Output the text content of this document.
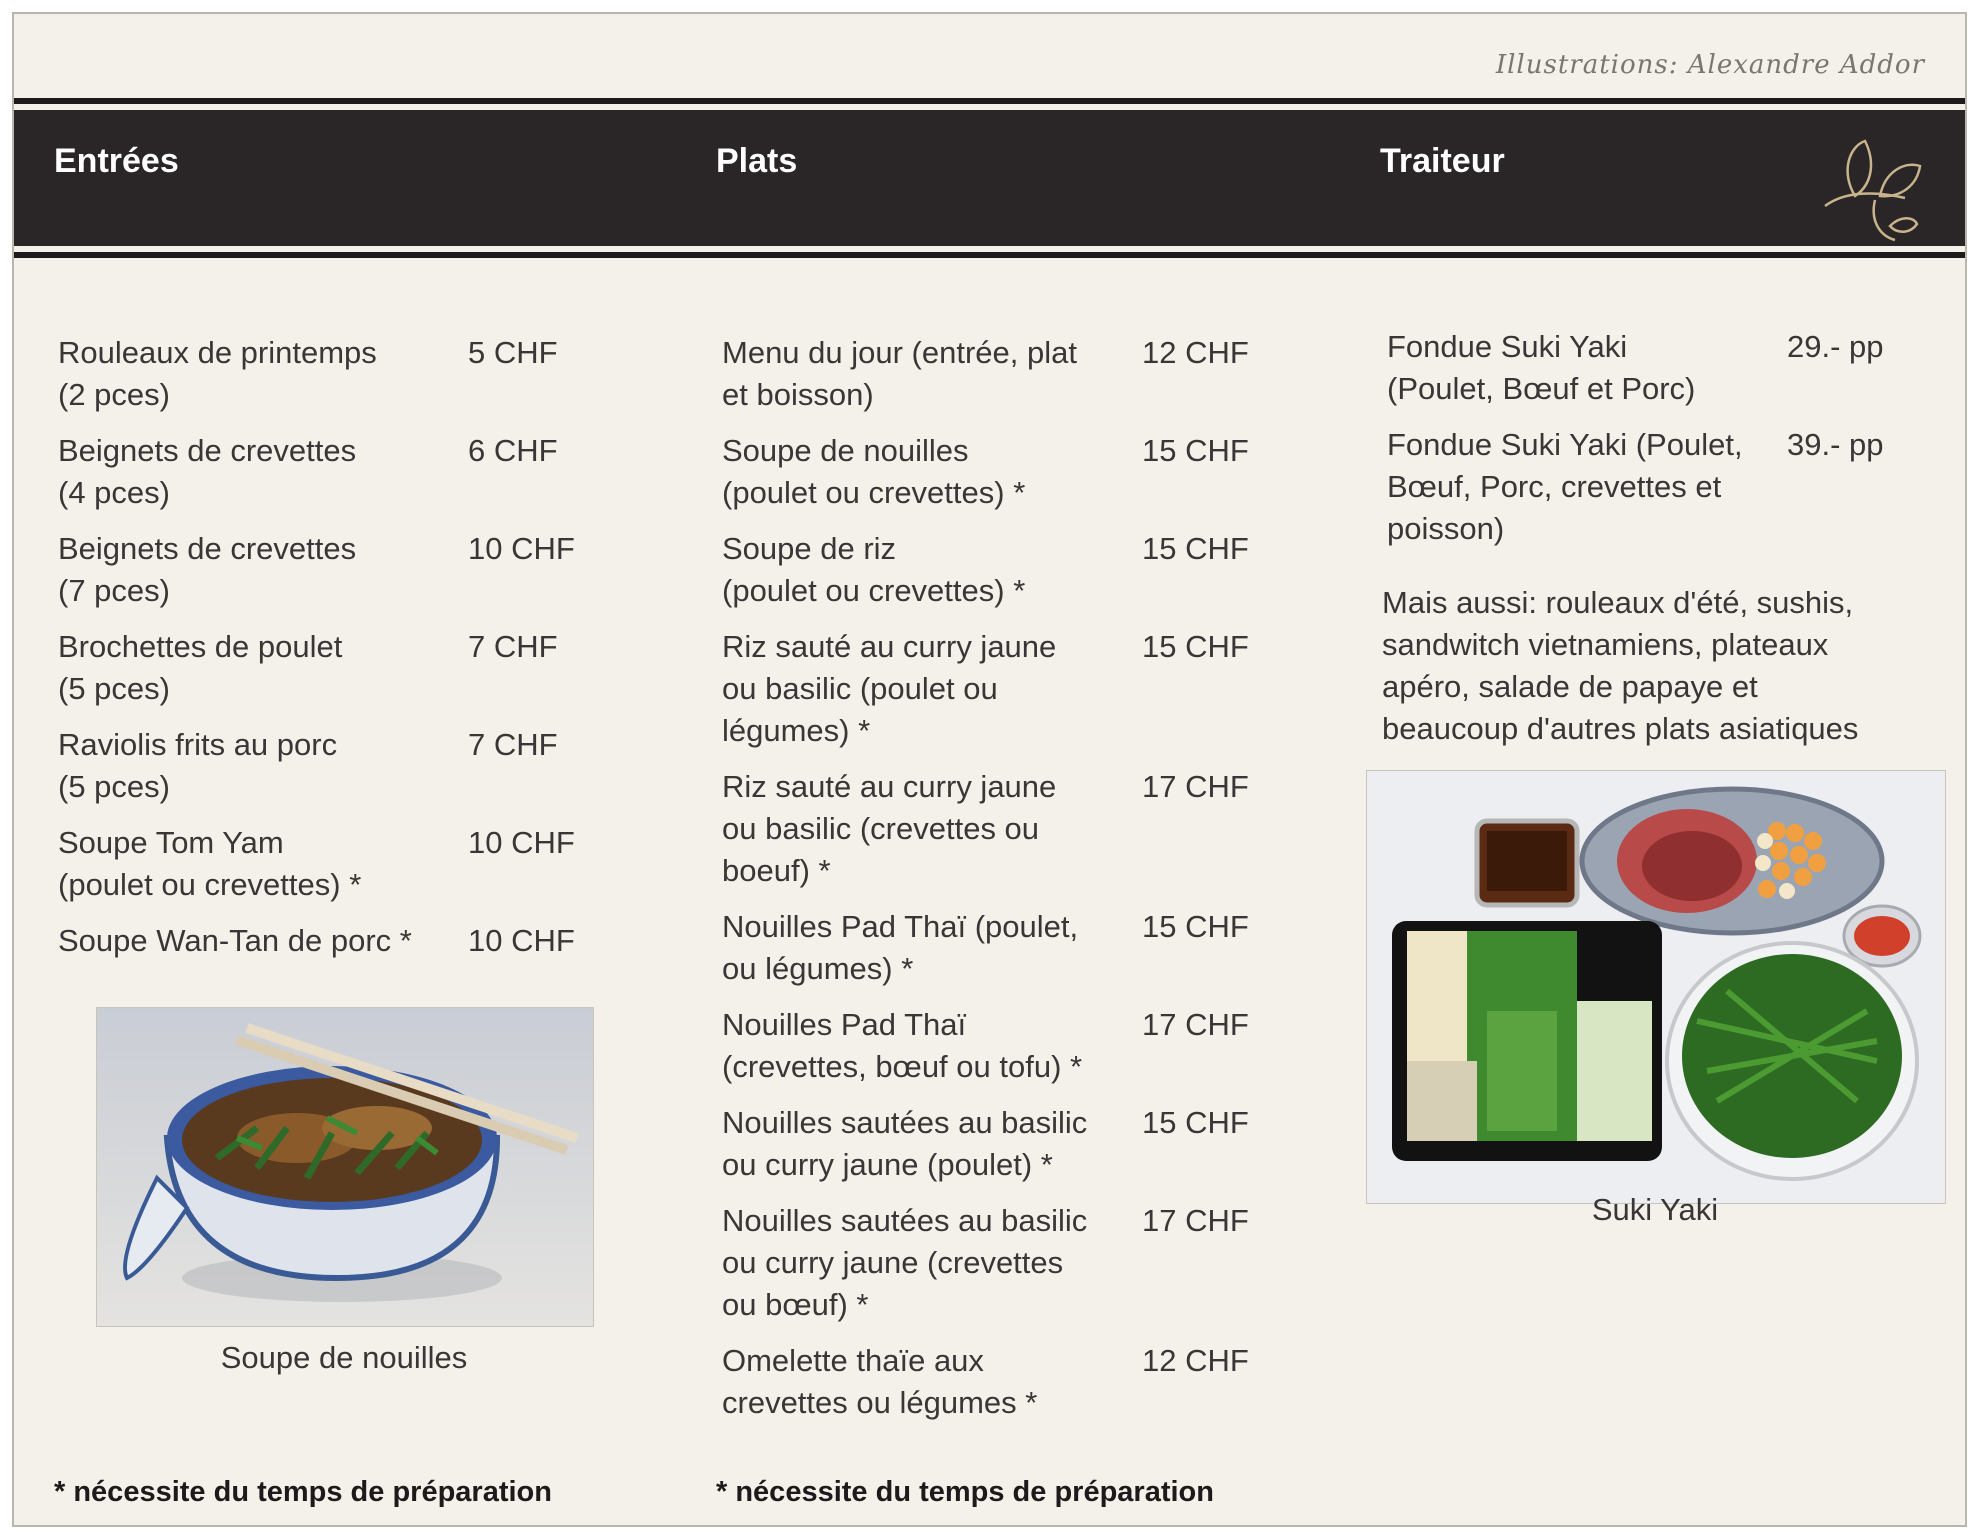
Illustrations: Alexandre Addor
Entrées	Plats	Traiteur
Rouleaux de printemps
(2 pces)
5 CHF
Beignets de crevettes
(4 pces)
6 CHF
Beignets de crevettes
(7 pces)
10 CHF
Brochettes de poulet
(5 pces)
7 CHF
Raviolis frits au porc
(5 pces)
7 CHF
Soupe Tom Yam
(poulet ou crevettes) *
10 CHF
Soupe Wan-Tan de porc * 10 CHF
Menu du jour (entrée, plat
et boisson)
12 CHF
Soupe de nouilles
(poulet ou crevettes) *
15 CHF
Soupe de riz
(poulet ou crevettes) *
15 CHF
Riz sauté au curry jaune
ou basilic (poulet ou
légumes) *
15 CHF
Riz sauté au curry jaune
ou basilic (crevettes ou
boeuf) *
17 CHF
Nouilles Pad Thaï (poulet,
ou légumes) *
15 CHF
Nouilles Pad Thaï
(crevettes, bœuf ou tofu) *
17 CHF
Nouilles sautées au basilic
ou curry jaune (poulet) *
15 CHF
Nouilles sautées au basilic
ou curry jaune (crevettes
ou bœuf) *
17 CHF
Omelette thaïe aux
crevettes ou légumes *
12 CHF
Fondue Suki Yaki
(Poulet, Bœuf et Porc)
29.- pp
Fondue Suki Yaki (Poulet,
Bœuf, Porc, crevettes et
poisson)
39.- pp
Mais aussi: rouleaux d'été, sushis,
sandwitch vietnamiens, plateaux
apéro, salade de papaye et
beaucoup d'autres plats asiatiques
Soupe de nouilles
Suki Yaki
* nécessite du temps de préparation	* nécessite du temps de préparation
